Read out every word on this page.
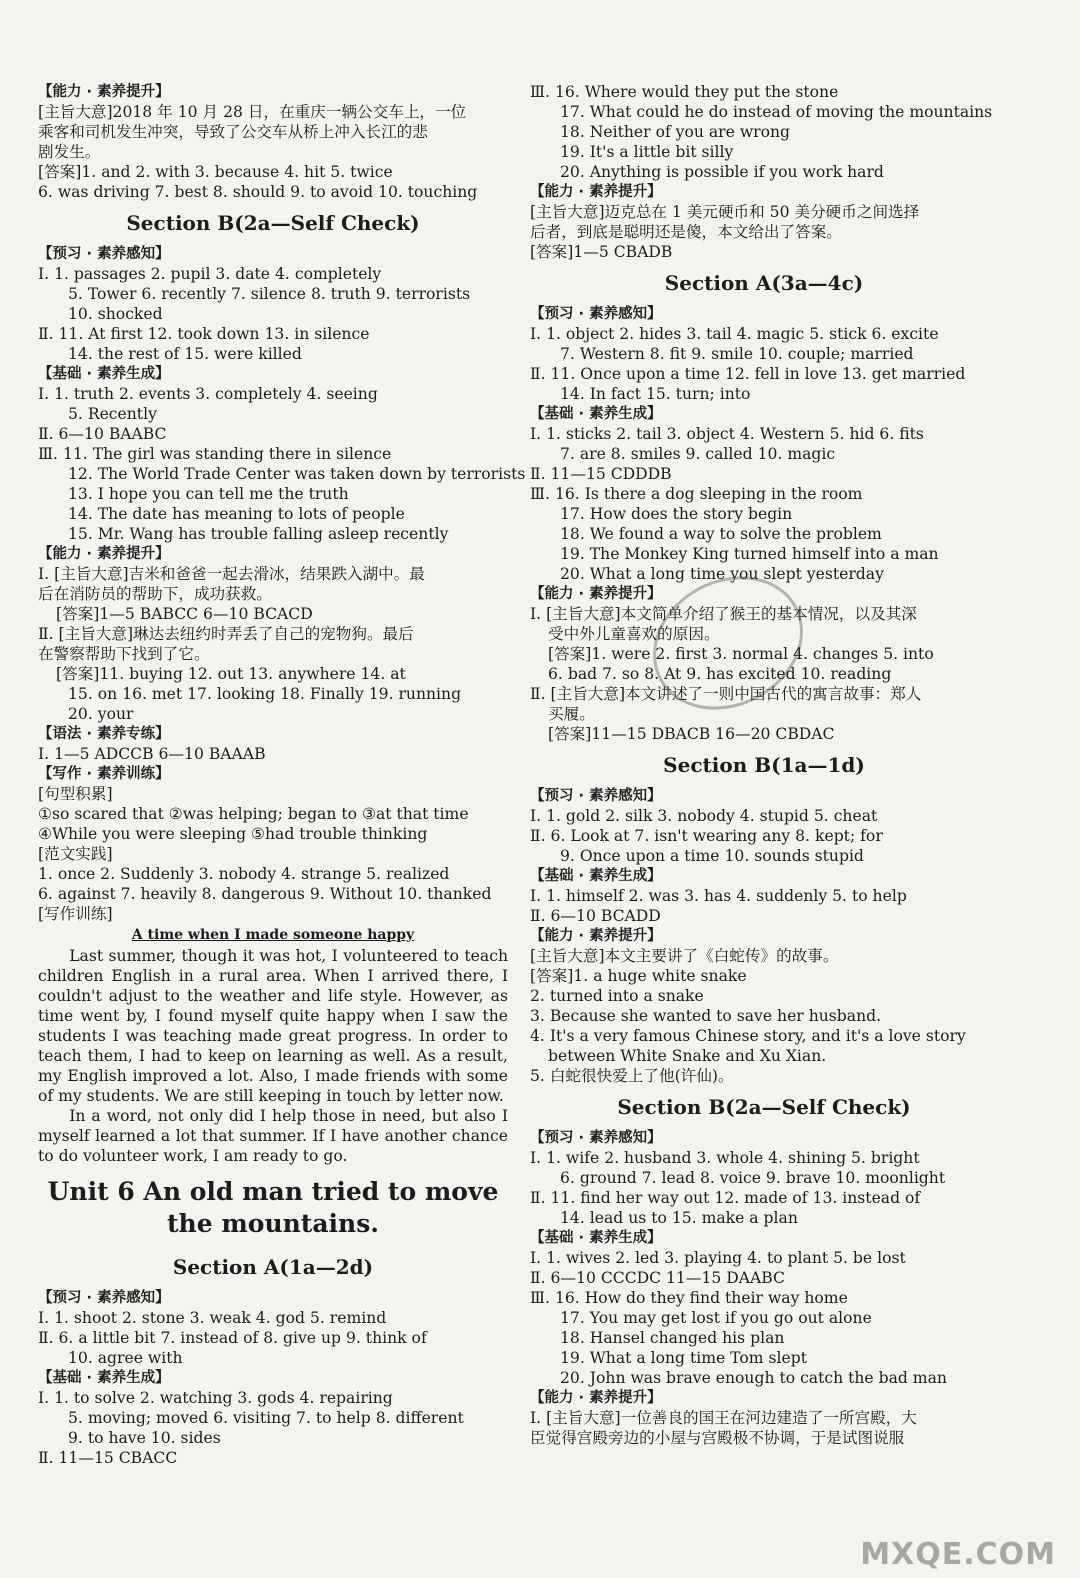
【能力 · 素养提升】
[主旨大意]2018 年 10 月 28 日，在重庆一辆公交车上，一位
乘客和司机发生冲突，导致了公交车从桥上冲入长江的悲
剧发生。
[答案]1. and 2. with 3. because 4. hit 5. twice
6. was driving 7. best 8. should 9. to avoid 10. touching
Section B(2a—Self Check)
【预习 · 素养感知】
Ⅰ. 1. passages 2. pupil 3. date 4. completely
5. Tower 6. recently 7. silence 8. truth 9. terrorists
10. shocked
Ⅱ. 11. At first 12. took down 13. in silence
14. the rest of 15. were killed
【基础 · 素养生成】
Ⅰ. 1. truth 2. events 3. completely 4. seeing
5. Recently
Ⅱ. 6—10 BAABC
Ⅲ. 11. The girl was standing there in silence
12. The World Trade Center was taken down by terrorists
13. I hope you can tell me the truth
14. The date has meaning to lots of people
15. Mr. Wang has trouble falling asleep recently
【能力 · 素养提升】
Ⅰ. [主旨大意]吉米和爸爸一起去滑冰，结果跌入湖中。最
后在消防员的帮助下，成功获救。
[答案]1—5 BABCC 6—10 BCACD
Ⅱ. [主旨大意]琳达去纽约时弄丢了自己的宠物狗。最后
在警察帮助下找到了它。
[答案]11. buying 12. out 13. anywhere 14. at
15. on 16. met 17. looking 18. Finally 19. running
20. your
【语法 · 素养专练】
Ⅰ. 1—5 ADCCB 6—10 BAAAB
【写作 · 素养训练】
[句型积累]
①so scared that ②was helping; began to ③at that time
④While you were sleeping ⑤had trouble thinking
[范文实践]
1. once 2. Suddenly 3. nobody 4. strange 5. realized
6. against 7. heavily 8. dangerous 9. Without 10. thanked
[写作训练]
A time when I made someone happy
Last summer, though it was hot, I volunteered to teach children English in a rural area. When I arrived there, I couldn't adjust to the weather and life style. However, as time went by, I found myself quite happy when I saw the students I was teaching made great progress. In order to teach them, I had to keep on learning as well. As a result, my English improved a lot. Also, I made friends with some of my students. We are still keeping in touch by letter now.
In a word, not only did I help those in need, but also I myself learned a lot that summer. If I have another chance to do volunteer work, I am ready to go.
Unit 6 An old man tried to move the mountains.
Section A(1a—2d)
【预习 · 素养感知】
Ⅰ. 1. shoot 2. stone 3. weak 4. god 5. remind
Ⅱ. 6. a little bit 7. instead of 8. give up 9. think of
10. agree with
【基础 · 素养生成】
Ⅰ. 1. to solve 2. watching 3. gods 4. repairing
5. moving; moved 6. visiting 7. to help 8. different
9. to have 10. sides
Ⅱ. 11—15 CBACC
Ⅲ. 16. Where would they put the stone
17. What could he do instead of moving the mountains
18. Neither of you are wrong
19. It's a little bit silly
20. Anything is possible if you work hard
【能力 · 素养提升】
[主旨大意]迈克总在 1 美元硬币和 50 美分硬币之间选择
后者，到底是聪明还是傻，本文给出了答案。
[答案]1—5 CBADB
Section A(3a—4c)
【预习 · 素养感知】
Ⅰ. 1. object 2. hides 3. tail 4. magic 5. stick 6. excite
7. Western 8. fit 9. smile 10. couple; married
Ⅱ. 11. Once upon a time 12. fell in love 13. get married
14. In fact 15. turn; into
【基础 · 素养生成】
Ⅰ. 1. sticks 2. tail 3. object 4. Western 5. hid 6. fits
7. are 8. smiles 9. called 10. magic
Ⅱ. 11—15 CDDDB
Ⅲ. 16. Is there a dog sleeping in the room
17. How does the story begin
18. We found a way to solve the problem
19. The Monkey King turned himself into a man
20. What a long time you slept yesterday
【能力 · 素养提升】
Ⅰ. [主旨大意]本文简单介绍了猴王的基本情况，以及其深
受中外儿童喜欢的原因。
[答案]1. were 2. first 3. normal 4. changes 5. into
6. bad 7. so 8. At 9. has excited 10. reading
Ⅱ. [主旨大意]本文讲述了一则中国古代的寓言故事：郑人
买履。
[答案]11—15 DBACB 16—20 CBDAC
Section B(1a—1d)
【预习 · 素养感知】
Ⅰ. 1. gold 2. silk 3. nobody 4. stupid 5. cheat
Ⅱ. 6. Look at 7. isn't wearing any 8. kept; for
9. Once upon a time 10. sounds stupid
【基础 · 素养生成】
Ⅰ. 1. himself 2. was 3. has 4. suddenly 5. to help
Ⅱ. 6—10 BCADD
【能力 · 素养提升】
[主旨大意]本文主要讲了《白蛇传》的故事。
[答案]1. a huge white snake
2. turned into a snake
3. Because she wanted to save her husband.
4. It's a very famous Chinese story, and it's a love story
between White Snake and Xu Xian.
5. 白蛇很快爱上了他(许仙)。
Section B(2a—Self Check)
【预习 · 素养感知】
Ⅰ. 1. wife 2. husband 3. whole 4. shining 5. bright
6. ground 7. lead 8. voice 9. brave 10. moonlight
Ⅱ. 11. find her way out 12. made of 13. instead of
14. lead us to 15. make a plan
【基础 · 素养生成】
Ⅰ. 1. wives 2. led 3. playing 4. to plant 5. be lost
Ⅱ. 6—10 CCCDC 11—15 DAABC
Ⅲ. 16. How do they find their way home
17. You may get lost if you go out alone
18. Hansel changed his plan
19. What a long time Tom slept
20. John was brave enough to catch the bad man
【能力 · 素养提升】
Ⅰ. [主旨大意]一位善良的国王在河边建造了一所宫殿，大
臣觉得宫殿旁边的小屋与宫殿极不协调，于是试图说服
MXQE.COM
